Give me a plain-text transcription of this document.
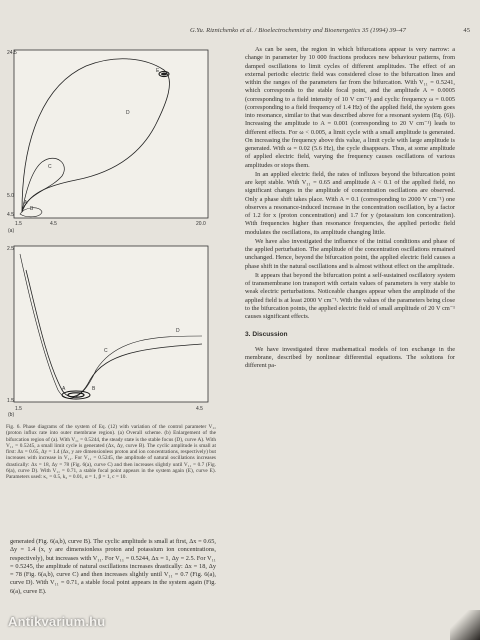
G.Yu. Riznichenko et al. / Bioelectrochemistry and Bioenergetics 35 (1994) 39–47	45
24.5
5.0
4.5
1.5	4.5	20.0
(a)
E
D
C
B
A
2.5
1.5
1.5	4.5
(b)
C
D
A	B
Fig. 6. Phase diagrams of the system of Eq. (12) with variation of the control parameter V₁₁ (proton influx rate into outer membrane region). (a) Overall scheme. (b) Enlargement of the bifurcation region of (a). With V₁₁ = 0.5244, the steady state is the stable focus (D), curve A). With V₁₁ = 0.5245, a small limit cycle is generated (Δx, Δy, curve B). The cyclic amplitude is small at first: Δx = 0.65, Δy = 1.4 (Δx, y are dimensionless proton and ion concentrations, respectively) but increases with increase in V₁₁. For V₁₁ = 0.5245, the amplitude of natural oscillations increases drastically: Δx = 18, Δy = 78 (Fig. 6(a), curve C) and then increases slightly until V₁₁ = 0.7 (Fig. 6(a), curve D). With V₁₁ = 0.71, a stable focal point appears in the system again (E), curve E). Parameters used: κ₁ = 0.5, k₂ = 0.01, α = 1, β = 1, c = 10.

generated (Fig. 6(a,b), curve B). The cyclic amplitude is small at first, Δx = 0.65, Δy = 1.4 (x, y are dimensionless proton and potassium ion concentrations, respectively), but increases with V₁₁. For V₁₁ = 0.5244, Δx = 1, Δy = 2.5. For V₁₁ = 0.5245, the amplitude of natural oscillations increases drastically: Δx = 18, Δy = 78 (Fig. 6(a,b), curve C) and then increases slightly until V₁₁ = 0.7 (Fig. 6(a), curve D). With V₁₁ = 0.71, a stable focal point appears in the system again (Fig. 6(a), curve E).

As can be seen, the region in which bifurcations appear is very narrow: a change in parameter by 10 000 fractions produces new behaviour patterns, from damped oscillations to limit cycles of different amplitudes. The effect of an external periodic electric field was considered close to the bifurcation lines and within the ranges of the parameters far from the bifurcation. With V₁₁ = 0.5241, which corresponds to the stable focal point, and the amplitude A = 0.0005 (corresponding to a field intensity of 10 V cm⁻¹) and cyclic frequency ω = 0.005 (corresponding to a field frequency of 1.4 Hz) of the applied field, the system goes into resonance, similar to that was described above for a resonant system (Eq. (6)). Increasing the amplitude to A = 0.001 (corresponding to 20 V cm⁻¹) leads to different effects. For ω < 0.005, a limit cycle with a small amplitude is generated. On increasing the frequency above this value, a limit cycle with large amplitude is generated. With ω = 0.02 (5.6 Hz), the cycle disappears. Thus, at some amplitude of applied electric field, varying the frequency causes oscillations of various amplitudes or stops them.

In an applied electric field, the rates of influxes beyond the bifurcation point are kept stable. With V₁₁ = 0.65 and amplitude A < 0.1 of the applied field, no significant changes in the amplitude of concentration oscillations are observed. Only a phase shift takes place. With A = 0.1 (corresponding to 2000 V cm⁻¹) one observes a resonance-induced increase in the concentration oscillation, by a factor of 1.2 for x (proton concentration) and 1.7 for y (potassium ion concentration). With frequencies higher than resonance frequencies, the applied periodic field modulates the oscillations, its amplitude changing little.

We have also investigated the influence of the initial conditions and phase of the applied perturbation. The amplitude of the concentration oscillations remained unchanged. Hence, beyond the bifurcation point, the applied electric field causes a phase shift in the natural oscillations and is almost without effect on the amplitude.

It appears that beyond the bifurcation point a self-sustained oscillatory system of transmembrane ion transport with certain values of parameters is very stable to weak electric perturbations. Noticeable changes appear when the amplitude of the applied field is at least 2000 V cm⁻¹. With the values of the parameters being close to the bifurcation points, the applied electric field of small amplitude of 20 V cm⁻¹ causes significant effects.

3. Discussion

We have investigated three mathematical models of ion exchange in the membrane, described by nonlinear differential equations. The solutions for different pa-

Antikvarium.hu
